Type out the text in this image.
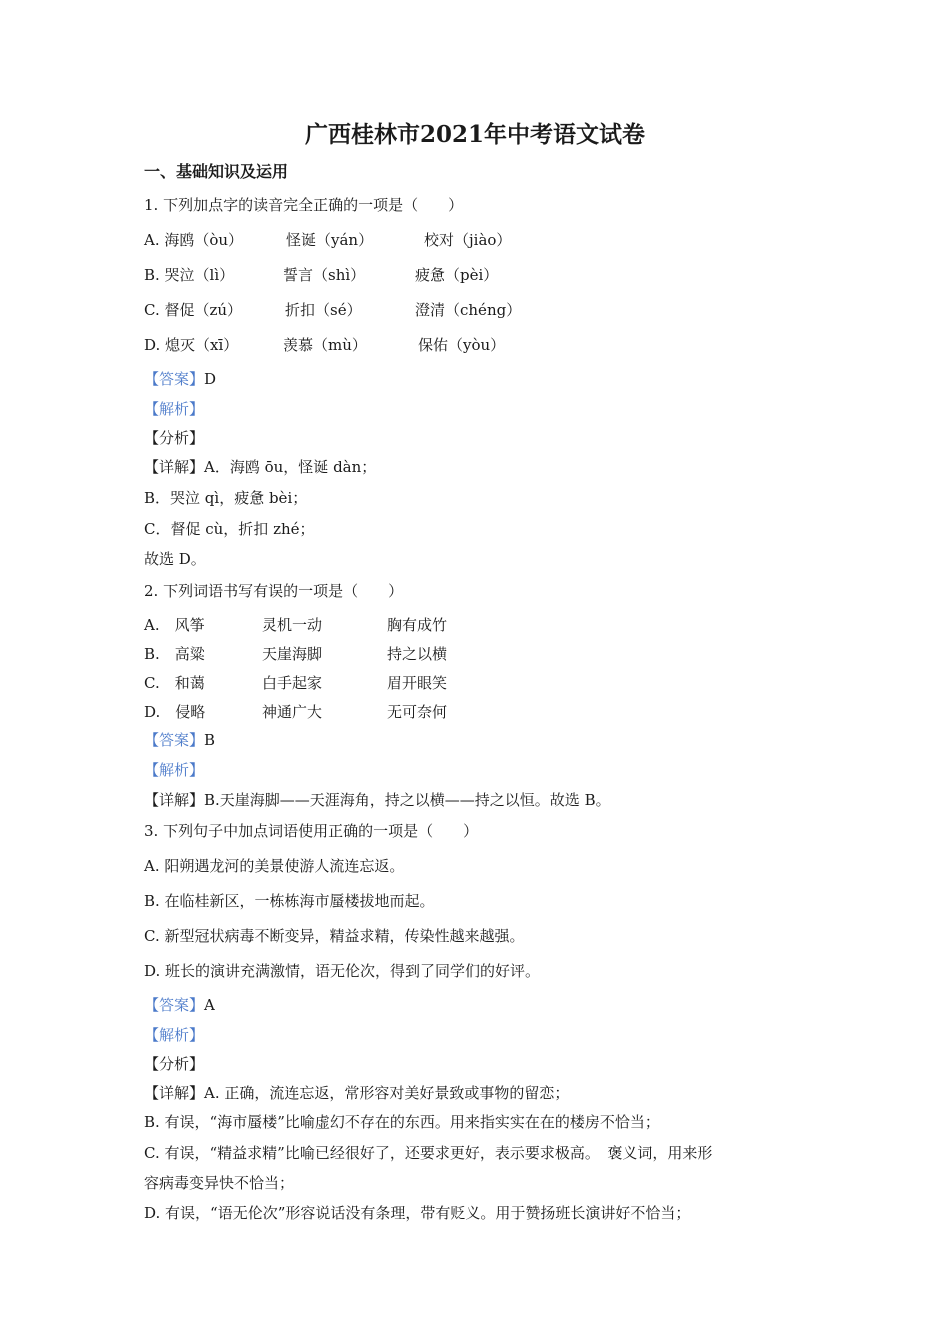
广西桂林市2021年中考语文试卷
一、基础知识及运用
1. 下列加点字的读音完全正确的一项是（　　）
A. 海鸥（òu）	怪诞（yán）	校对（jiào）
B. 哭泣（lì）	誓言（shì）	疲惫（pèi）
C. 督促（zú）	折扣（sé）	澄清（chéng）
D. 熄灭（xī）	羡慕（mù）	保佑（yòu）
【答案】D
【解析】
【分析】
【详解】A．海鸥 ōu，怪诞 dàn；
B．哭泣 qì，疲惫 bèi；
C．督促 cù，折扣 zhé；
故选 D。
2. 下列词语书写有误的一项是（　　）
A.　风筝	灵机一动	胸有成竹
B.　高粱	天崖海脚	持之以横
C.　和蔼	白手起家	眉开眼笑
D.　侵略	神通广大	无可奈何
【答案】B
【解析】
【详解】B.天崖海脚——天涯海角，持之以横——持之以恒。故选 B。
3. 下列句子中加点词语使用正确的一项是（　　）
A. 阳朔遇龙河的美景使游人流连忘返。
B. 在临桂新区，一栋栋海市蜃楼拔地而起。
C. 新型冠状病毒不断变异，精益求精，传染性越来越强。
D. 班长的演讲充满激情，语无伦次，得到了同学们的好评。
【答案】A
【解析】
【分析】
【详解】A. 正确，流连忘返，常形容对美好景致或事物的留恋；
B. 有误，“海市蜃楼”比喻虚幻不存在的东西。用来指实实在在的楼房不恰当；
C. 有误，“精益求精”比喻已经很好了，还要求更好，表示要求极高。　褒义词，用来形
容病毒变异快不恰当；
D. 有误，“语无伦次”形容说话没有条理，带有贬义。用于赞扬班长演讲好不恰当；
